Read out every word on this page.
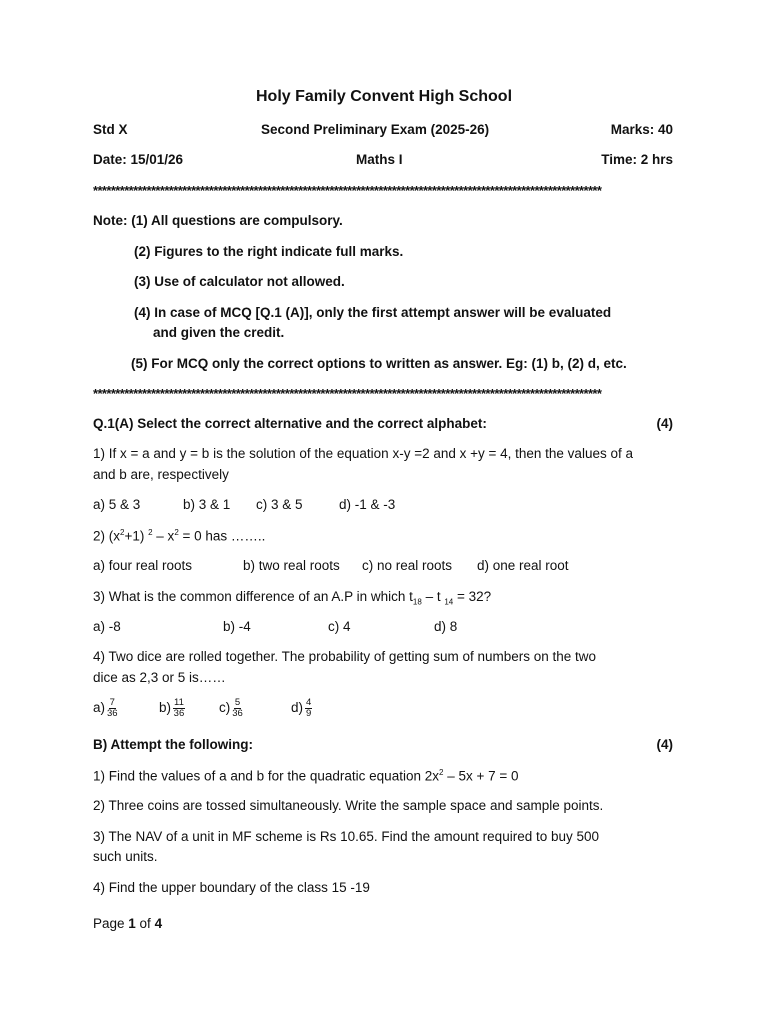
Holy Family Convent High School
Std X	Second Preliminary Exam (2025-26)	Marks: 40
Date: 15/01/26	Maths I	Time: 2 hrs
******************************************************************************************************************
Note: (1) All questions are compulsory.
(2) Figures to the right indicate full marks.
(3) Use of calculator not allowed.
(4) In case of MCQ [Q.1 (A)], only the first attempt answer will be evaluated
and given the credit.
(5) For MCQ only the correct options to written as answer. Eg: (1) b, (2) d, etc.
******************************************************************************************************************
Q.1(A) Select the correct alternative and the correct alphabet:	(4)
1) If x = a and y = b is the solution of the equation x-y =2 and x +y = 4, then the values of a
and b are, respectively
a) 5 & 3	b) 3 & 1 c) 3 & 5	d) -1 & -3
2) $(x^2+1)$ $^2 - x^2 = 0$ has ……..
a) four real roots	b) two real roots c) no real roots d) one real root
3) What is the common difference of an A.P in which $t_{18}$ – t $_{14}$ = 32?
a) -8	b) -4	c) 4	d) 8
4) Two dice are rolled together. The probability of getting sum of numbers on the two
dice as 2,3 or 5 is……
$a) \frac{7}{36}$	$b) \frac{11}{36}$	$c) \frac{5}{36}$	$d) \frac{4}{9}$
B) Attempt the following:	(4)
1) Find the values of a and b for the quadratic equation $2x^2 - 5x + 7 = 0$
2) Three coins are tossed simultaneously. Write the sample space and sample points.
3) The NAV of a unit in MF scheme is Rs 10.65. Find the amount required to buy 500
such units.
4) Find the upper boundary of the class 15 -19
Page 1 of 4
